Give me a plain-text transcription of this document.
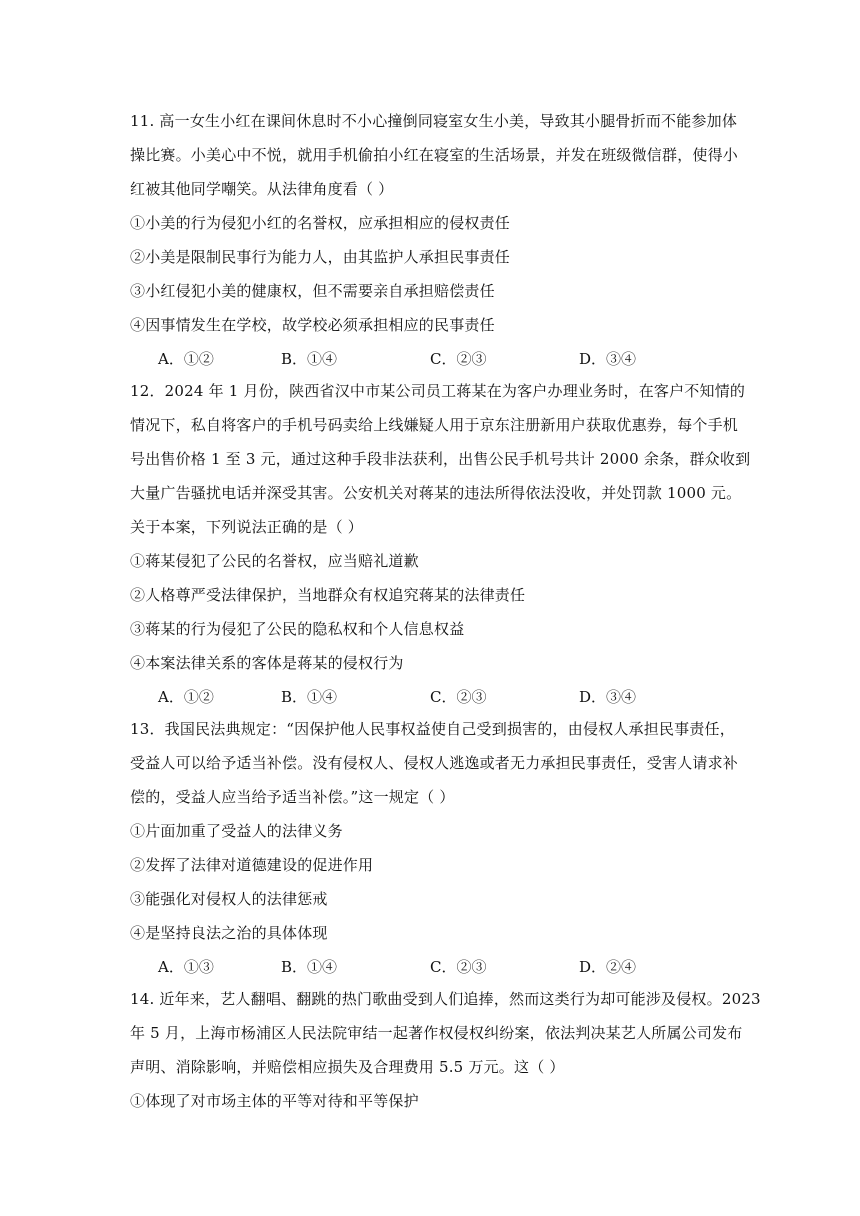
11. 高一女生小红在课间休息时不小心撞倒同寝室女生小美，导致其小腿骨折而不能参加体
操比赛。小美心中不悦，就用手机偷拍小红在寝室的生活场景，并发在班级微信群，使得小
红被其他同学嘲笑。从法律角度看（ ）
①小美的行为侵犯小红的名誉权，应承担相应的侵权责任
②小美是限制民事行为能力人，由其监护人承担民事责任
③小红侵犯小美的健康权，但不需要亲自承担赔偿责任
④因事情发生在学校，故学校必须承担相应的民事责任
A．①②	B．①④	C．②③	D．③④
12．2024 年 1 月份，陕西省汉中市某公司员工蒋某在为客户办理业务时，在客户不知情的
情况下，私自将客户的手机号码卖给上线嫌疑人用于京东注册新用户获取优惠券，每个手机
号出售价格 1 至 3 元，通过这种手段非法获利，出售公民手机号共计 2000 余条，群众收到
大量广告骚扰电话并深受其害。公安机关对蒋某的违法所得依法没收，并处罚款 1000 元。
关于本案，下列说法正确的是（ ）
①蒋某侵犯了公民的名誉权，应当赔礼道歉
②人格尊严受法律保护，当地群众有权追究蒋某的法律责任
③蒋某的行为侵犯了公民的隐私权和个人信息权益
④本案法律关系的客体是蒋某的侵权行为
A．①②	B．①④	C．②③	D．③④
13．我国民法典规定：“因保护他人民事权益使自己受到损害的，由侵权人承担民事责任，
受益人可以给予适当补偿。没有侵权人、侵权人逃逸或者无力承担民事责任，受害人请求补
偿的，受益人应当给予适当补偿。”这一规定（ ）
①片面加重了受益人的法律义务
②发挥了法律对道德建设的促进作用
③能强化对侵权人的法律惩戒
④是坚持良法之治的具体体现
A．①③	B．①④	C．②③	D．②④
14. 近年来，艺人翻唱、翻跳的热门歌曲受到人们追捧，然而这类行为却可能涉及侵权。2023
年 5 月，上海市杨浦区人民法院审结一起著作权侵权纠纷案，依法判决某艺人所属公司发布
声明、消除影响，并赔偿相应损失及合理费用 5.5 万元。这（ ）
①体现了对市场主体的平等对待和平等保护
